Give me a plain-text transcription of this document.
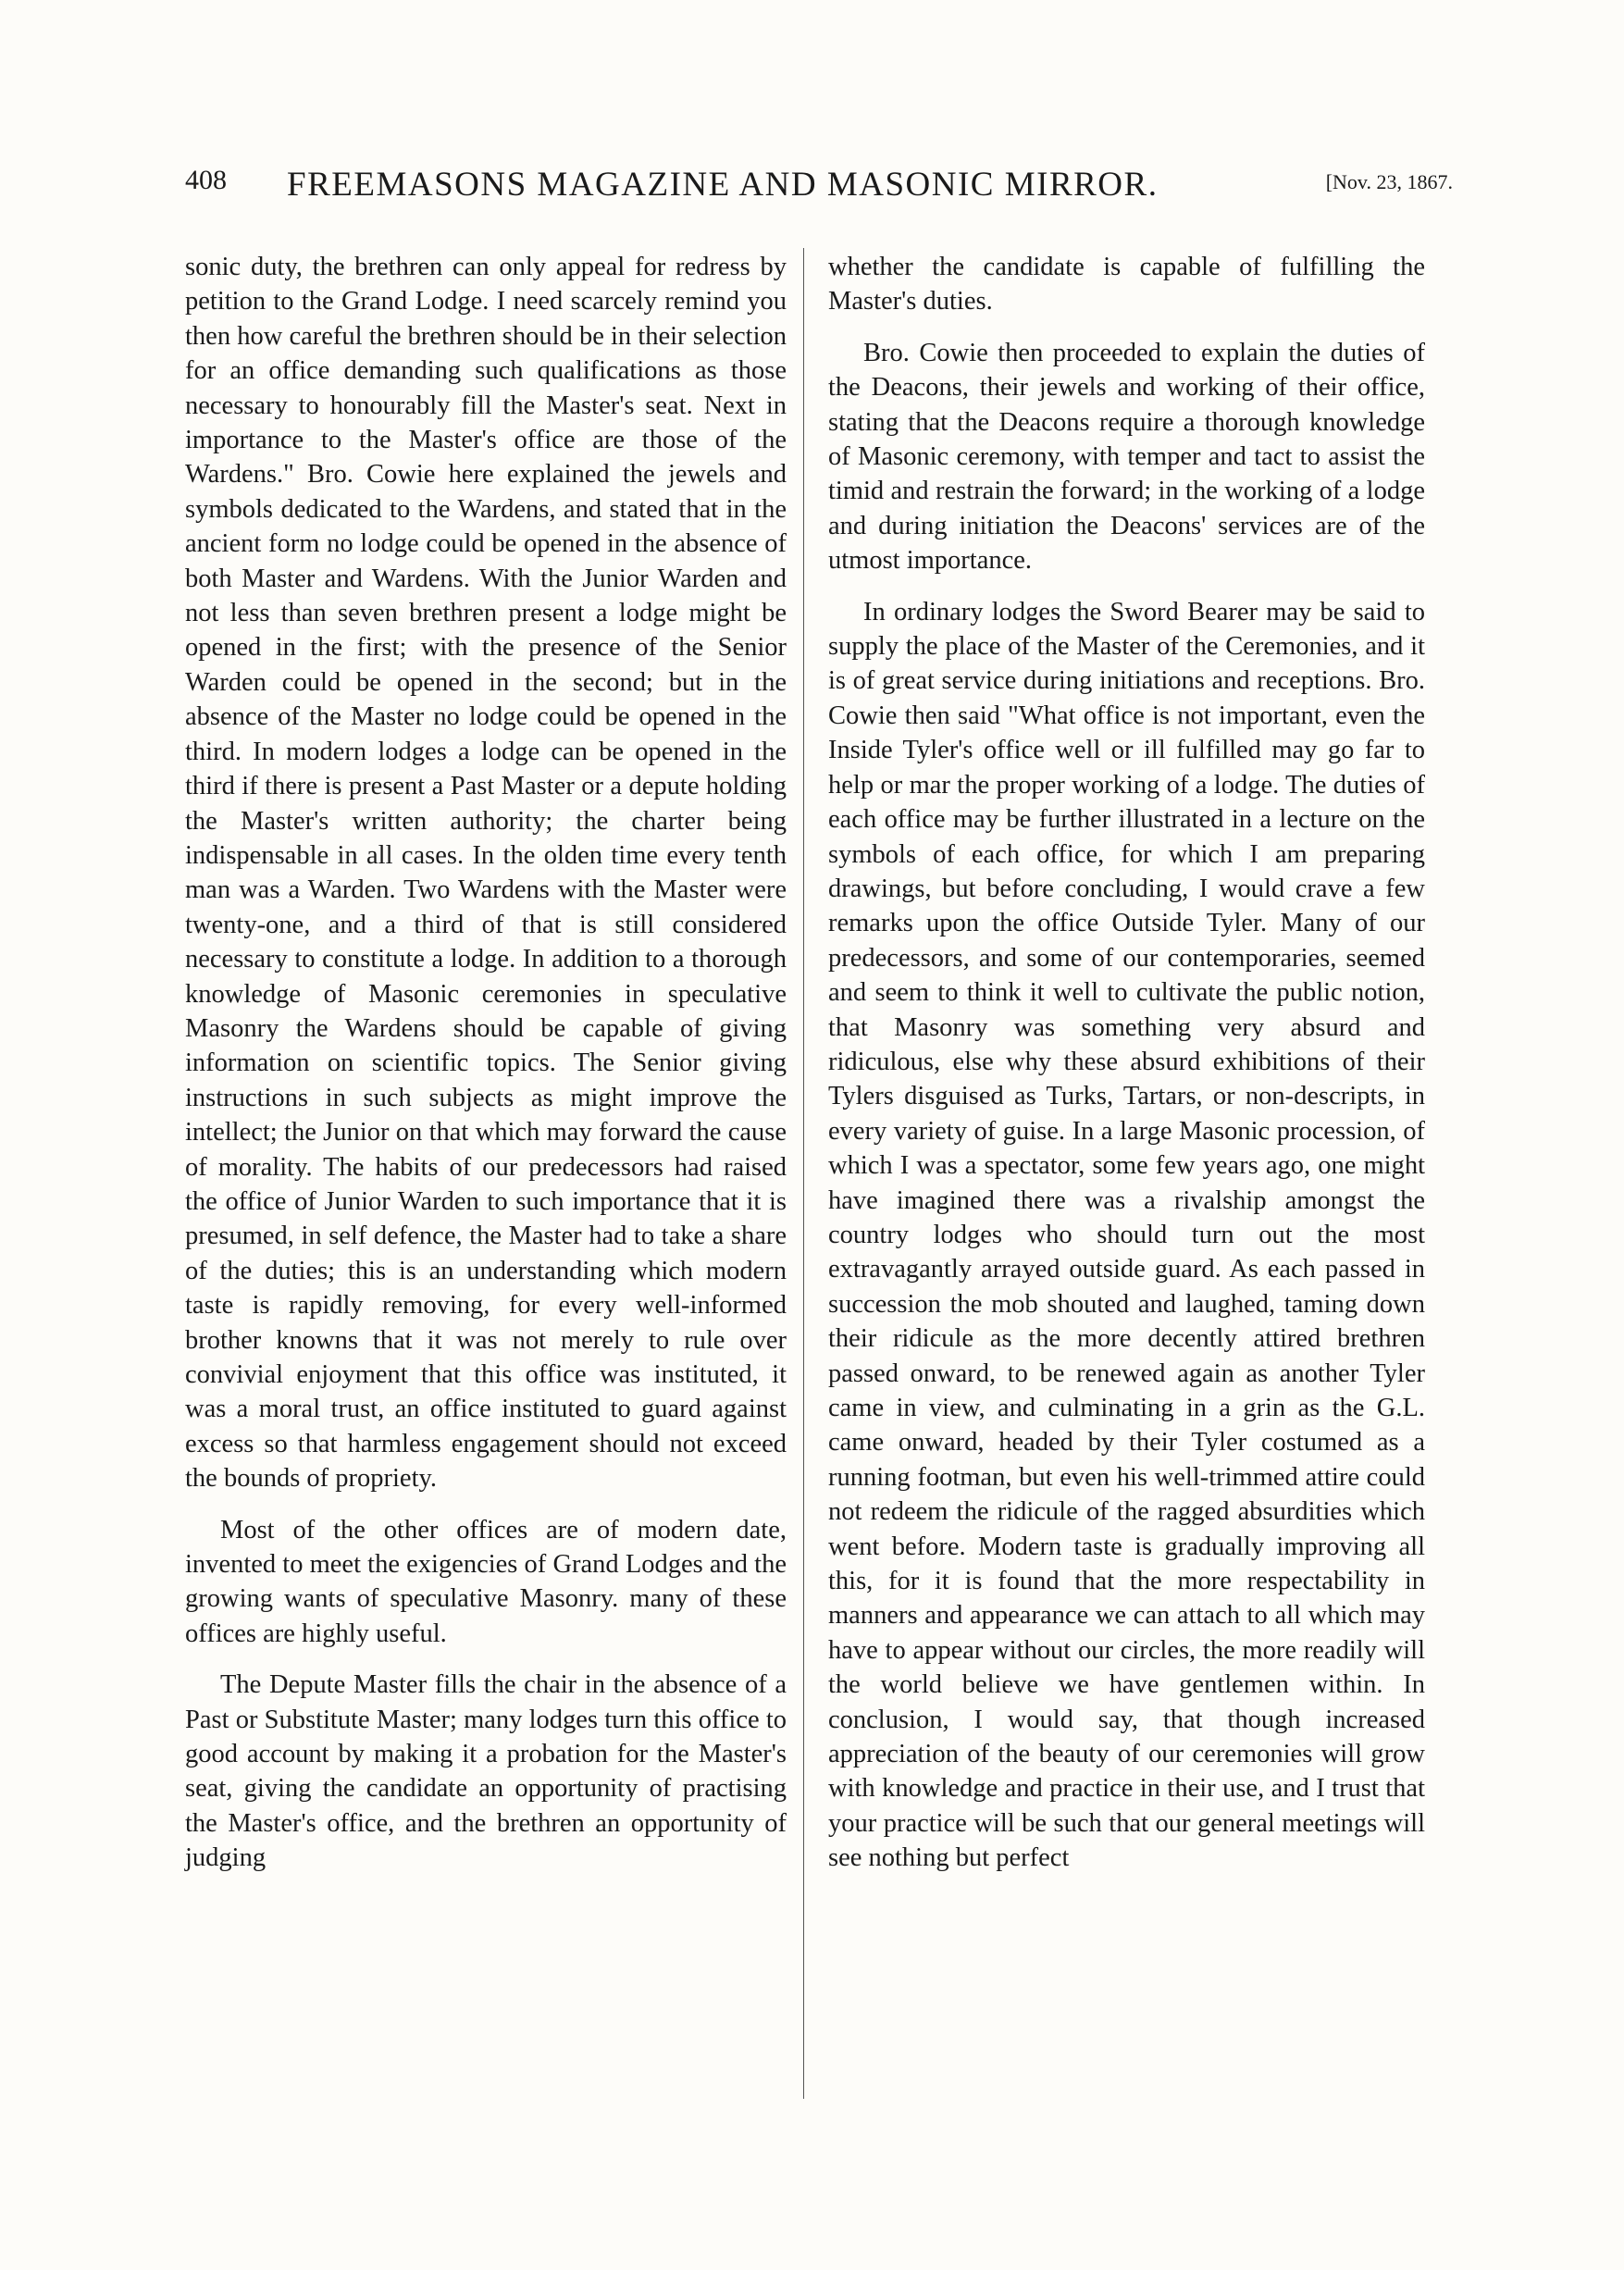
408 FREEMASONS MAGAZINE AND MASONIC MIRROR.	[Nov. 23, 1867.

sonic duty, the brethren can only appeal for redress by petition to the Grand Lodge. I need scarcely remind you then how careful the brethren should be in their selection for an office demanding such qualifications as those necessary to honourably fill the Master's seat. Next in importance to the Master's office are those of the Wardens." Bro. Cowie here explained the jewels and symbols dedicated to the Wardens, and stated that in the ancient form no lodge could be opened in the absence of both Master and Wardens. With the Junior Warden and not less than seven brethren present a lodge might be opened in the first; with the presence of the Senior Warden could be opened in the second; but in the absence of the Master no lodge could be opened in the third. In modern lodges a lodge can be opened in the third if there is present a Past Master or a depute holding the Master's written authority; the charter being indispensable in all cases. In the olden time every tenth man was a Warden. Two Wardens with the Master were twenty-one, and a third of that is still considered necessary to constitute a lodge. In addition to a thorough knowledge of Masonic ceremonies in speculative Masonry the Wardens should be capable of giving information on scientific topics. The Senior giving instructions in such subjects as might improve the intellect; the Junior on that which may forward the cause of morality. The habits of our predecessors had raised the office of Junior Warden to such importance that it is presumed, in self defence, the Master had to take a share of the duties; this is an understanding which modern taste is rapidly removing, for every well-informed brother knowns that it was not merely to rule over convivial enjoyment that this office was instituted, it was a moral trust, an office instituted to guard against excess so that harmless engagement should not exceed the bounds of propriety.

Most of the other offices are of modern date, invented to meet the exigencies of Grand Lodges and the growing wants of speculative Masonry. many of these offices are highly useful.

The Depute Master fills the chair in the absence of a Past or Substitute Master; many lodges turn this office to good account by making it a probation for the Master's seat, giving the candidate an opportunity of practising the Master's office, and the brethren an opportunity of judging

whether the candidate is capable of fulfilling the Master's duties.

Bro. Cowie then proceeded to explain the duties of the Deacons, their jewels and working of their office, stating that the Deacons require a thorough knowledge of Masonic ceremony, with temper and tact to assist the timid and restrain the forward; in the working of a lodge and during initiation the Deacons' services are of the utmost importance.

In ordinary lodges the Sword Bearer may be said to supply the place of the Master of the Ceremonies, and it is of great service during initiations and receptions. Bro. Cowie then said "What office is not important, even the Inside Tyler's office well or ill fulfilled may go far to help or mar the proper working of a lodge. The duties of each office may be further illustrated in a lecture on the symbols of each office, for which I am preparing drawings, but before concluding, I would crave a few remarks upon the office Outside Tyler. Many of our predecessors, and some of our contemporaries, seemed and seem to think it well to cultivate the public notion, that Masonry was something very absurd and ridiculous, else why these absurd exhibitions of their Tylers disguised as Turks, Tartars, or non-descripts, in every variety of guise. In a large Masonic procession, of which I was a spectator, some few years ago, one might have imagined there was a rivalship amongst the country lodges who should turn out the most extravagantly arrayed outside guard. As each passed in succession the mob shouted and laughed, taming down their ridicule as the more decently attired brethren passed onward, to be renewed again as another Tyler came in view, and culminating in a grin as the G.L. came onward, headed by their Tyler costumed as a running footman, but even his well-trimmed attire could not redeem the ridicule of the ragged absurdities which went before. Modern taste is gradually improving all this, for it is found that the more respectability in manners and appearance we can attach to all which may have to appear without our circles, the more readily will the world believe we have gentlemen within. In conclusion, I would say, that though increased appreciation of the beauty of our ceremonies will grow with knowledge and practice in their use, and I trust that your practice will be such that our general meetings will see nothing but perfect
